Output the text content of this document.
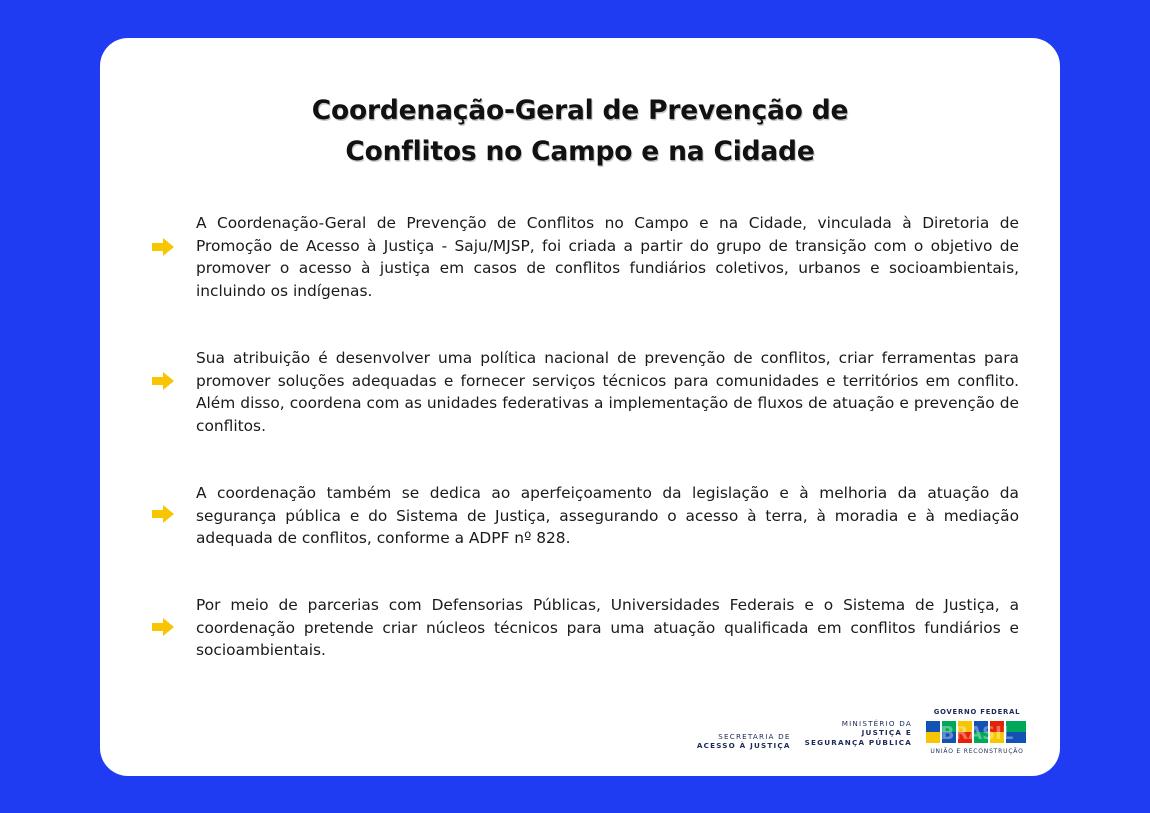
Coordenação-Geral de Prevenção de
Conflitos no Campo e na Cidade

A Coordenação-Geral de Prevenção de Conflitos no Campo e na Cidade, vinculada à Diretoria de Promoção de Acesso à Justiça - Saju/MJSP, foi criada a partir do grupo de transição com o objetivo de promover o acesso à justiça em casos de conflitos fundiários coletivos, urbanos e socioambientais, incluindo os indígenas.

Sua atribuição é desenvolver uma política nacional de prevenção de conflitos, criar ferramentas para promover soluções adequadas e fornecer serviços técnicos para comunidades e territórios em conflito. Além disso, coordena com as unidades federativas a implementação de fluxos de atuação e prevenção de conflitos.

A coordenação também se dedica ao aperfeiçoamento da legislação e à melhoria da atuação da segurança pública e do Sistema de Justiça, assegurando o acesso à terra, à moradia e à mediação adequada de conflitos, conforme a ADPF nº 828.

Por meio de parcerias com Defensorias Públicas, Universidades Federais e o Sistema de Justiça, a coordenação pretende criar núcleos técnicos para uma atuação qualificada em conflitos fundiários e socioambientais.

SECRETARIA DE
ACESSO À JUSTIÇA
MINISTÉRIO DA
JUSTIÇA E
SEGURANÇA PÚBLICA
GOVERNO FEDERAL
BRASIL
UNIÃO E RECONSTRUÇÃO
